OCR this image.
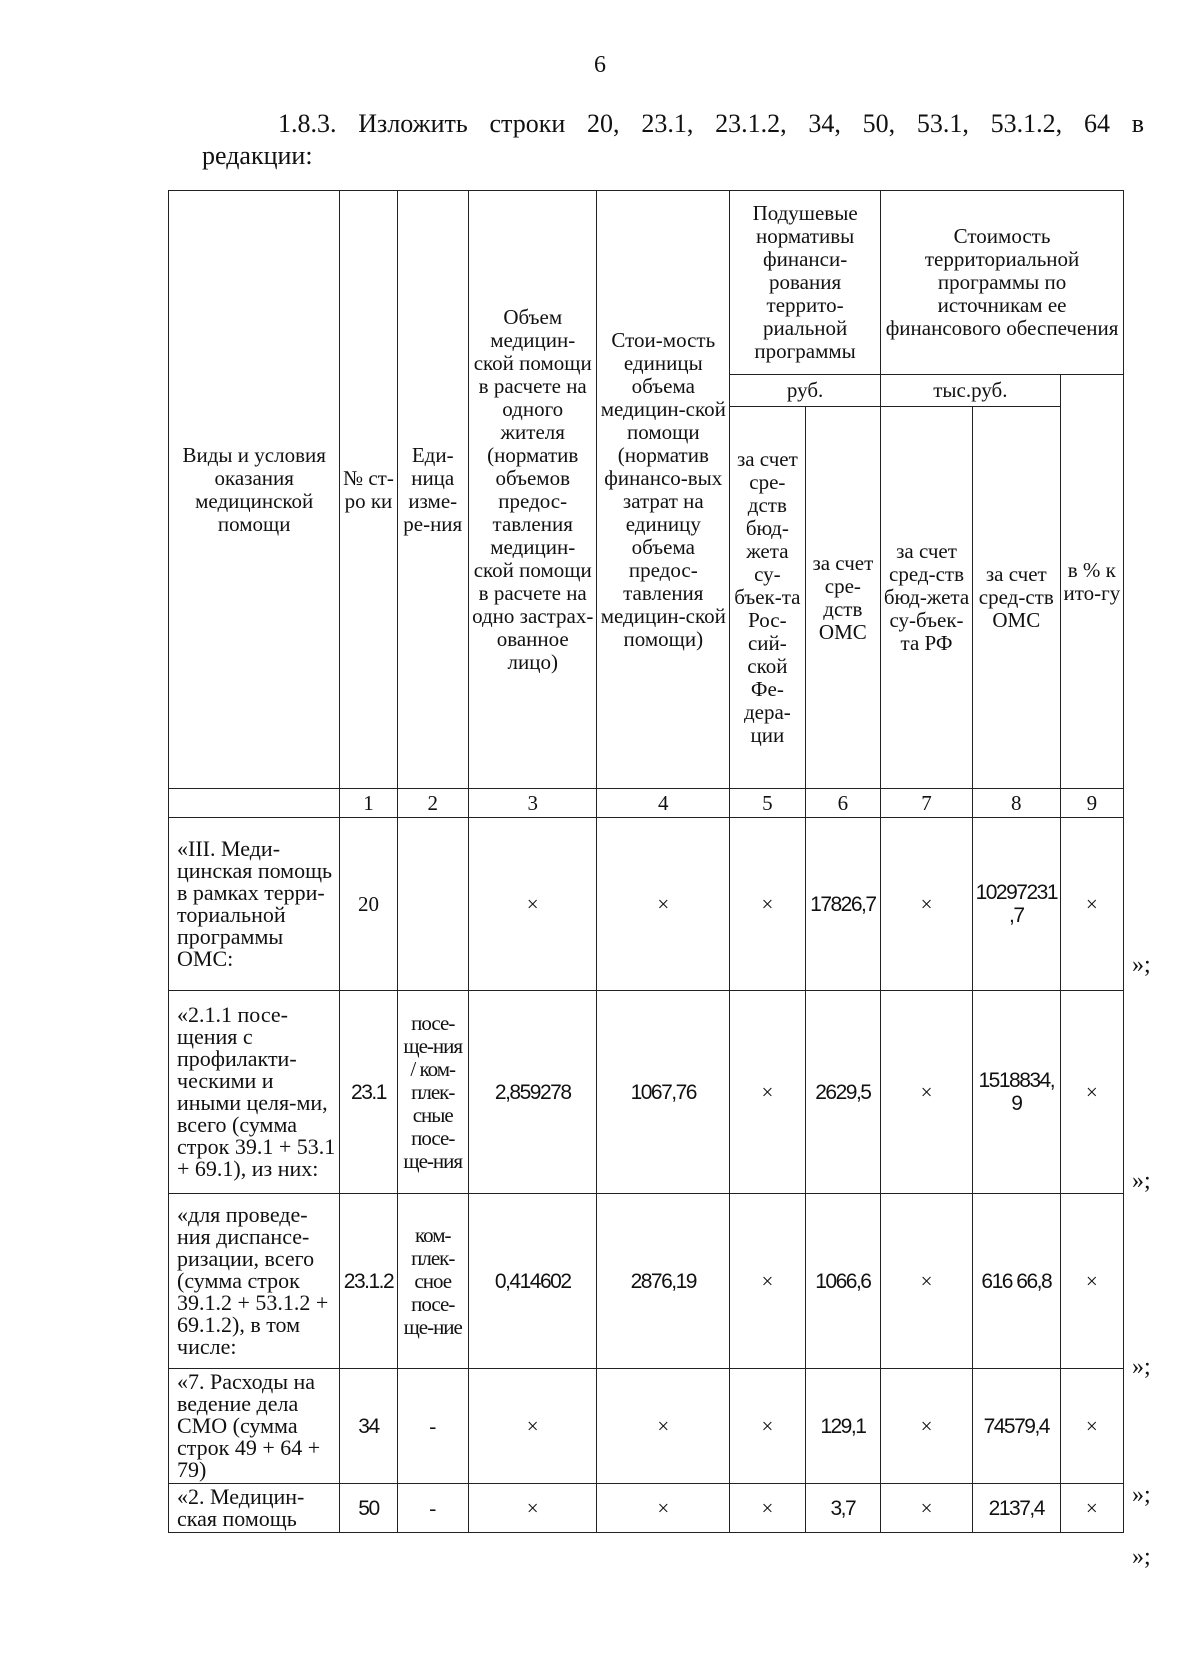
6
1.8.3. Изложить строки 20, 23.1, 23.1.2, 34, 50, 53.1, 53.1.2, 64 в
редакции:
Виды и условия оказания медицинской помощи	№ ст-ро ки	Еди-ница изме-ре-ния	Объем медицин-ской помощи в расчете на одного жителя (норматив объемов предос-тавления медицин-ской помощи в расчете на одно застрах-ованное лицо)	Стои-мость единицы объема медицин-ской помощи (норматив финансо-вых затрат на единицу объема предос-тавления медицин-ской помощи)	Подушевые нормативы финанси-рования террито-риальной программы		Стоимость территориальной программы по источникам ее финансового обеспечения		
					руб.		тыс.руб.		в % к ито-гу
					за счет сре-дств бюд-жета су-бъек-та Рос-сий-ской Фе-дера-ции	за счет сре-дств ОМС	за счет сред-ств бюд-жета су-бъек-та РФ	за счет сред-ств ОМС	
	1	2	3	4	5	6	7	8	9
«III. Меди-цинская помощь в рамках терри-ториальной программы ОМС:	20		×	×	×	17826,7	×	10297231,7	×
«2.1.1 посе-щения с профилакти-ческими и иными целя-ми, всего (сумма строк 39.1 + 53.1 + 69.1), из них:	23.1	посе-ще-ния / ком-плек-сные посе-ще-ния	2,859278	1067,76	×	2629,5	×	1518834, 9	×
«для проведе-ния диспансе-ризации, всего (сумма строк 39.1.2 + 53.1.2 + 69.1.2), в том числе:	23.1.2	ком-плек-сное посе-ще-ние	0,414602	2876,19	×	1066,6	×	616 66,8	×
«7. Расходы на ведение дела СМО (сумма строк 49 + 64 + 79)	34	-	×	×	×	129,1	×	74579,4	×
«2. Медицин-ская помощь	50	-	×	×	×	3,7	×	2137,4	×
»;
»;
»;
»;
»;
